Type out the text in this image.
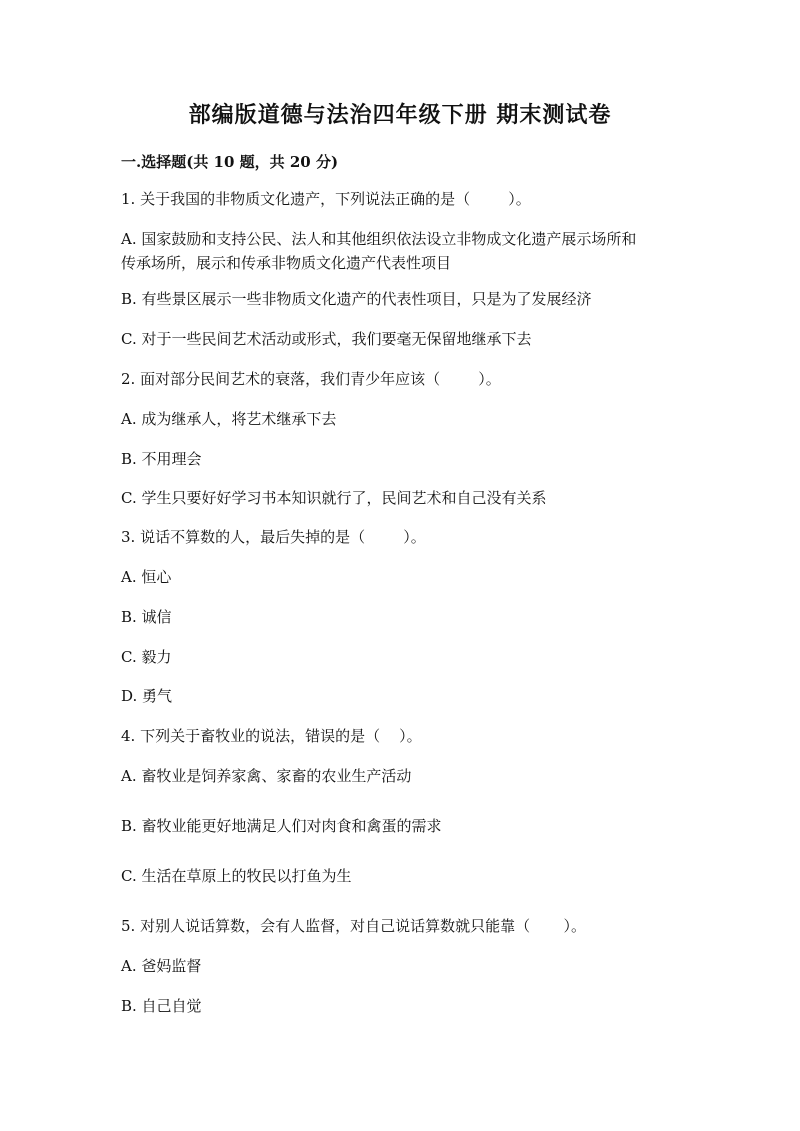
部编版道德与法治四年级下册 期末测试卷
一.选择题(共 10 题，共 20 分)
1. 关于我国的非物质文化遗产，下列说法正确的是（        ）。
A. 国家鼓励和支持公民、法人和其他组织依法设立非物成文化遗产展示场所和
传承场所，展示和传承非物质文化遗产代表性项目
B. 有些景区展示一些非物质文化遗产的代表性项目，只是为了发展经济
C. 对于一些民间艺术活动或形式，我们要毫无保留地继承下去
2. 面对部分民间艺术的衰落，我们青少年应该（        ）。
A. 成为继承人，将艺术继承下去
B. 不用理会
C. 学生只要好好学习书本知识就行了，民间艺术和自己没有关系
3. 说话不算数的人，最后失掉的是（        ）。
A. 恒心
B. 诚信
C. 毅力
D. 勇气
4. 下列关于畜牧业的说法，错误的是（    ）。
A. 畜牧业是饲养家禽、家畜的农业生产活动
B. 畜牧业能更好地满足人们对肉食和禽蛋的需求
C. 生活在草原上的牧民以打鱼为生
5. 对别人说话算数，会有人监督，对自己说话算数就只能靠（       ）。
A. 爸妈监督
B. 自己自觉
